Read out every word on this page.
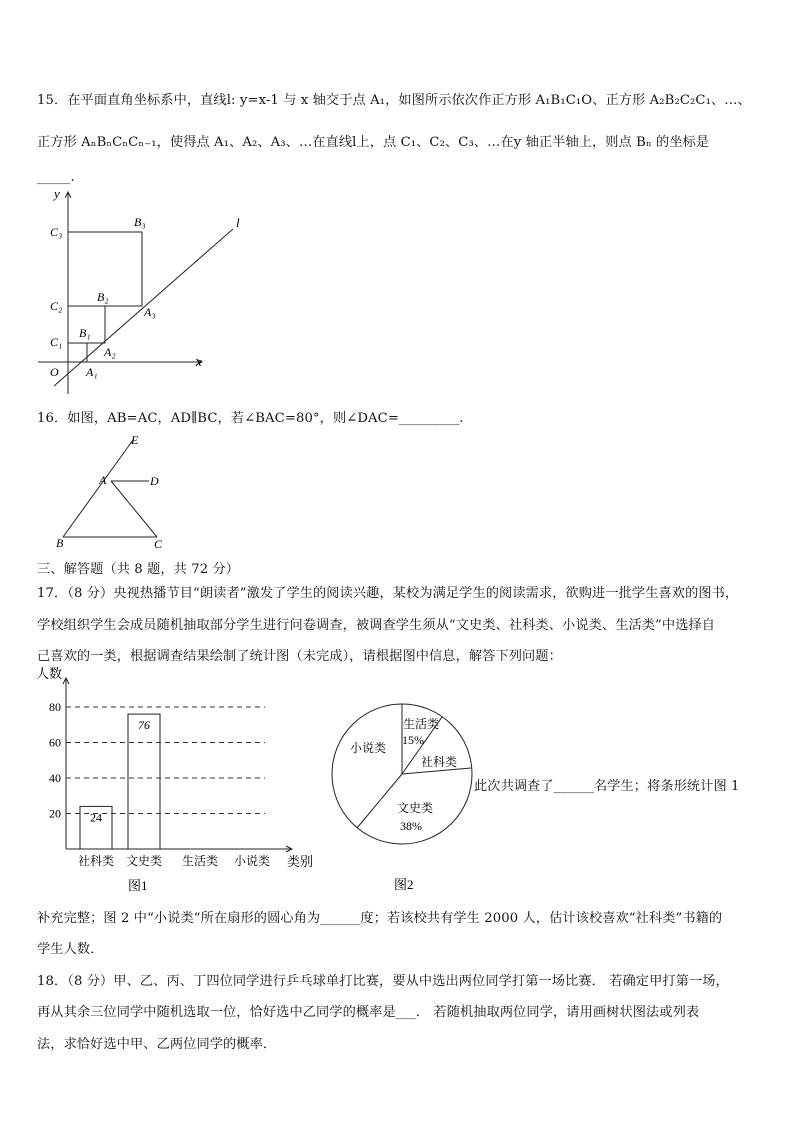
15．在平面直角坐标系中，直线l: y=x-1 与 x 轴交于点 A₁，如图所示依次作正方形 A₁B₁C₁O、正方形 A₂B₂C₂C₁、…、
正方形 AₙBₙCₙCₙ₋₁，使得点 A₁、A₂、A₃、…在直线l上，点 C₁、C₂、C₃、…在y 轴正半轴上，则点 Bₙ 的坐标是
_____.
y
x
l
O
C₁
C₂
C₃
B₁
B₂
B₃
A₁
A₂
A₃
16．如图，AB=AC，AD∥BC，若∠BAC=80°，则∠DAC=_________.
E
A	D
B	C
三、解答题（共 8 题，共 72 分）
17．（8 分）央视热播节目“朗读者”激发了学生的阅读兴趣，某校为满足学生的阅读需求，欲购进一批学生喜欢的图书，
学校组织学生会成员随机抽取部分学生进行问卷调查，被调查学生须从“文史类、社科类、小说类、生活类”中选择自
己喜欢的一类，根据调查结果绘制了统计图（未完成），请根据图中信息，解答下列问题：
24
76
20
40
60
80
社科类 文史类 生活类 小说类
人数
类别
图1
生活类
15%
社科类
文史类
38%
小说类
图2
此次共调查了______名学生；将条形统计图 1
补充完整；图 2 中“小说类”所在扇形的圆心角为______度；若该校共有学生 2000 人，估计该校喜欢“社科类”书籍的
学生人数．
18．（8 分）甲、乙、丙、丁四位同学进行乒乓球单打比赛，要从中选出两位同学打第一场比赛． 若确定甲打第一场，
再从其余三位同学中随机选取一位，恰好选中乙同学的概率是___． 若随机抽取两位同学，请用画树状图法或列表
法，求恰好选中甲、乙两位同学的概率．
